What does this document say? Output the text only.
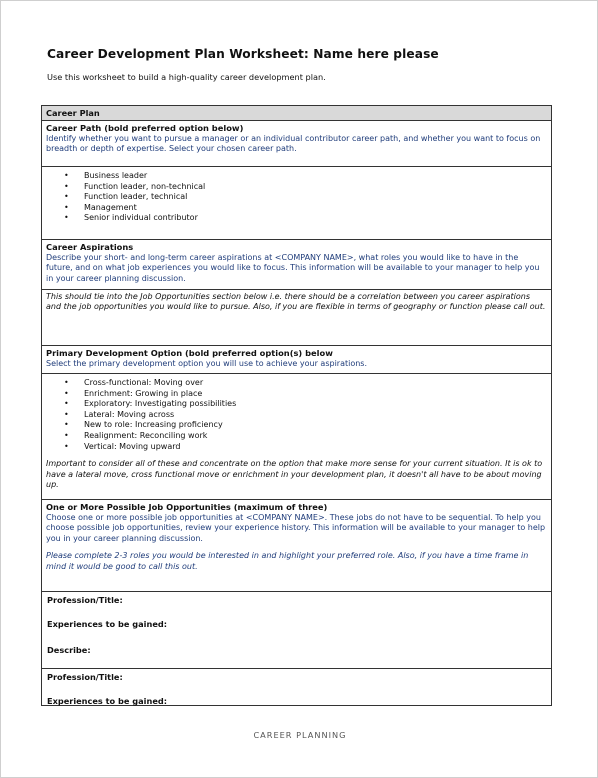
Career Development Plan Worksheet: Name here please
Use this worksheet to build a high-quality career development plan.
Career Plan
Career Path (bold preferred option below)
Identify whether you want to pursue a manager or an individual contributor career path, and whether you want to focus on breadth or depth of expertise. Select your chosen career path.
• Business leader
• Function leader, non-technical
• Function leader, technical
• Management
• Senior individual contributor
Career Aspirations
Describe your short- and long-term career aspirations at <COMPANY NAME>, what roles you would like to have in the future, and on what job experiences you would like to focus. This information will be available to your manager to help you in your career planning discussion.
This should tie into the Job Opportunities section below i.e. there should be a correlation between you career aspirations and the job opportunities you would like to pursue. Also, if you are flexible in terms of geography or function please call out.
Primary Development Option (bold preferred option(s) below
Select the primary development option you will use to achieve your aspirations.
• Cross-functional: Moving over
• Enrichment: Growing in place
• Exploratory: Investigating possibilities
• Lateral: Moving across
• New to role: Increasing proficiency
• Realignment: Reconciling work
• Vertical: Moving upward
Important to consider all of these and concentrate on the option that make more sense for your current situation. It is ok to have a lateral move, cross functional move or enrichment in your development plan, it doesn't all have to be about moving up.
One or More Possible Job Opportunities (maximum of three)
Choose one or more possible job opportunities at <COMPANY NAME>. These jobs do not have to be sequential. To help you choose possible job opportunities, review your experience history. This information will be available to your manager to help you in your career planning discussion.
Please complete 2-3 roles you would be interested in and highlight your preferred role. Also, if you have a time frame in mind it would be good to call this out.
Profession/Title:
Experiences to be gained:
Describe:
Profession/Title:
Experiences to be gained:
CAREER PLANNING
